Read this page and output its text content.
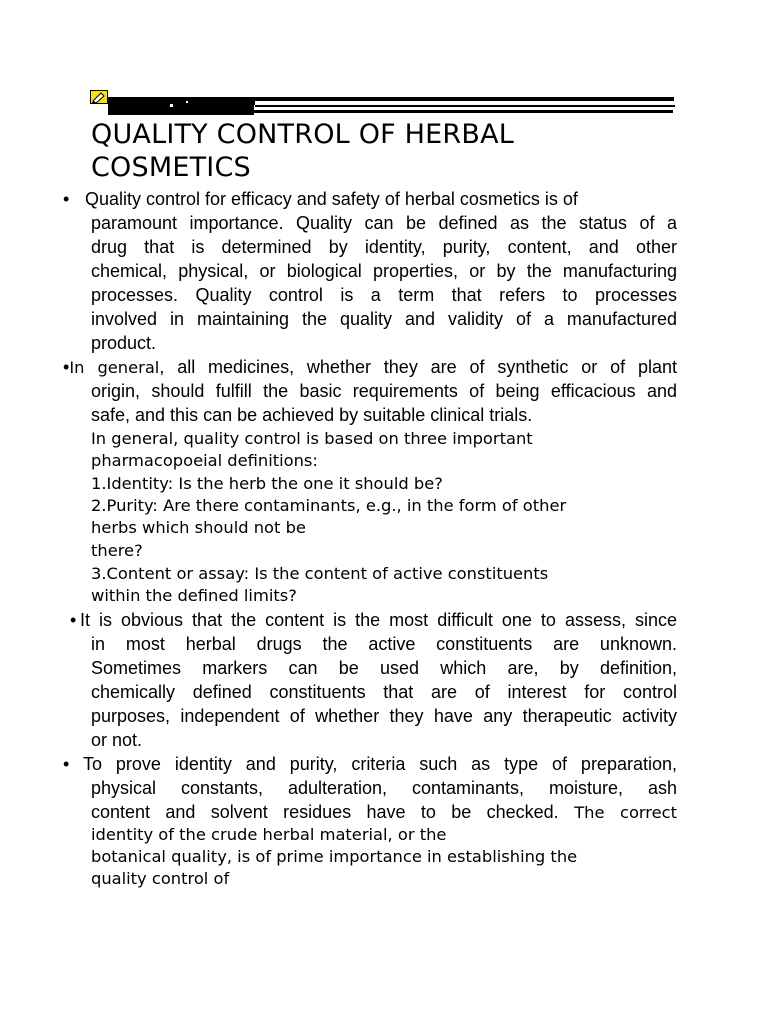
QUALITY CONTROL OF HERBAL
COSMETICS
• Quality control for efficacy and safety of herbal cosmetics is of
paramount importance. Quality can be defined as the status of a
drug that is determined by identity, purity, content, and other
chemical, physical, or biological properties, or by the manufacturing
processes. Quality control is a term that refers to processes
involved in maintaining the quality and validity of a manufactured
product.
•In general, all medicines, whether they are of synthetic or of plant
origin, should fulfill the basic requirements of being efficacious and
safe, and this can be achieved by suitable clinical trials.

In general, quality control is based on three important

pharmacopoeial definitions:

1.Identity: Is the herb the one it should be?

2.Purity: Are there contaminants, e.g., in the form of other

herbs which should not be

there?

3.Content or assay: Is the content of active constituents

within the defined limits?

• It is obvious that the content is the most difficult one to assess, since
in most herbal drugs the active constituents are unknown.
Sometimes markers can be used which are, by definition,
chemically defined constituents that are of interest for control
purposes, independent of whether they have any therapeutic activity
or not.
• To prove identity and purity, criteria such as type of preparation,
physical constants, adulteration, contaminants, moisture, ash
content and solvent residues have to be checked. The correct

identity of the crude herbal material, or the

botanical quality, is of prime importance in establishing the

quality control of
